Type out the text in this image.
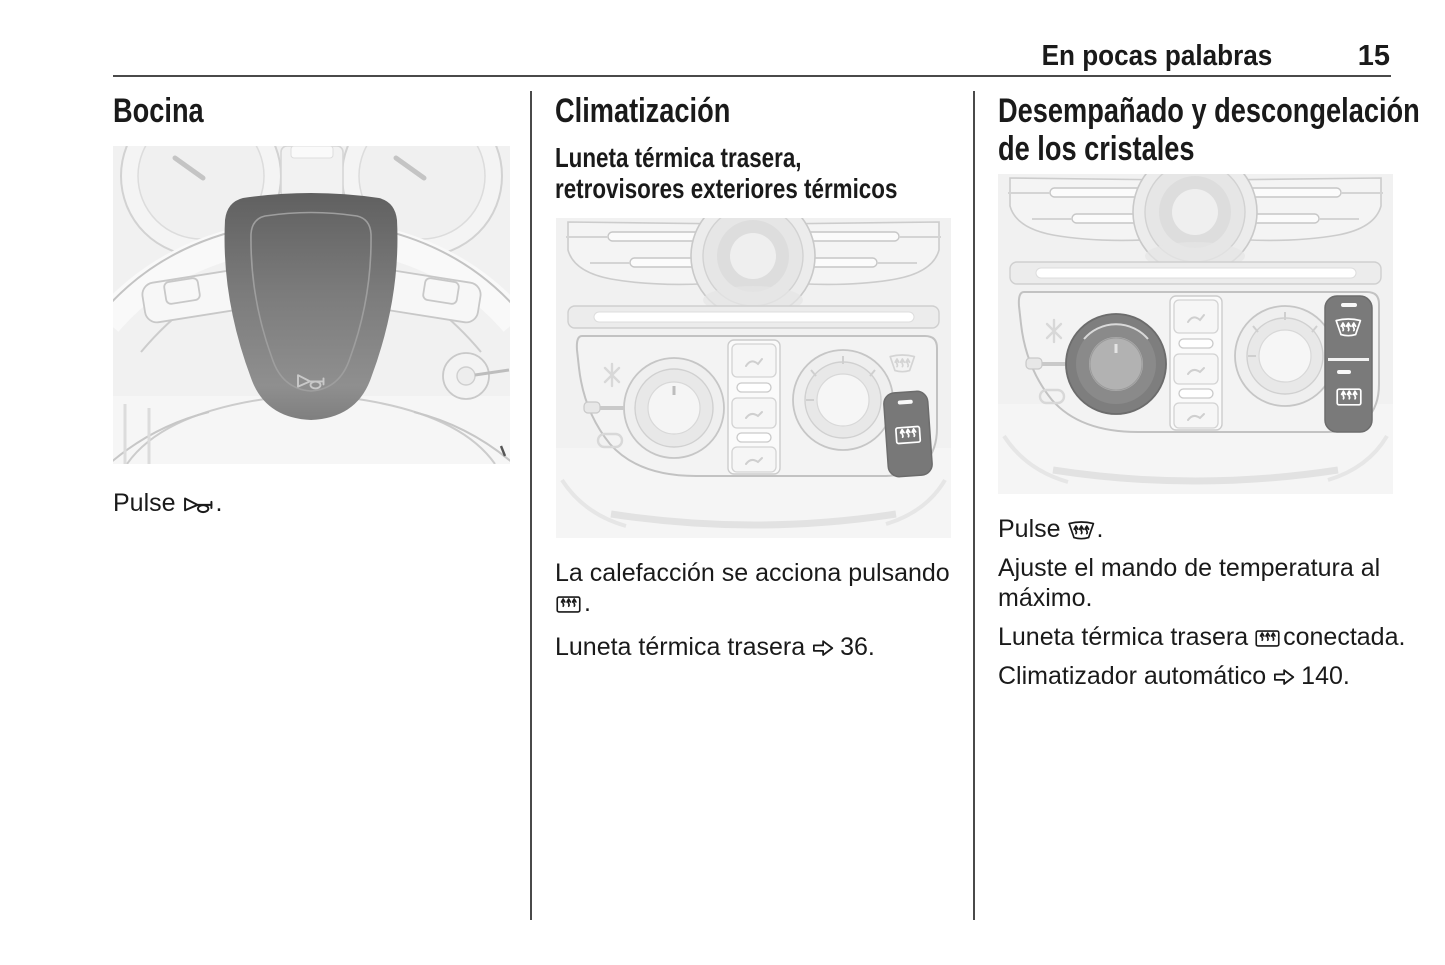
En pocas palabras	15
Bocina

Pulse .

Climatización
Luneta térmica trasera, retrovisores exteriores térmicos

La calefacción se acciona pulsando
.

Luneta térmica trasera 36.

Desempañado y descongelación de los cristales

Pulse .

Ajuste el mando de temperatura al
máximo.

Luneta térmica trasera conectada.

Climatizador automático 140.
